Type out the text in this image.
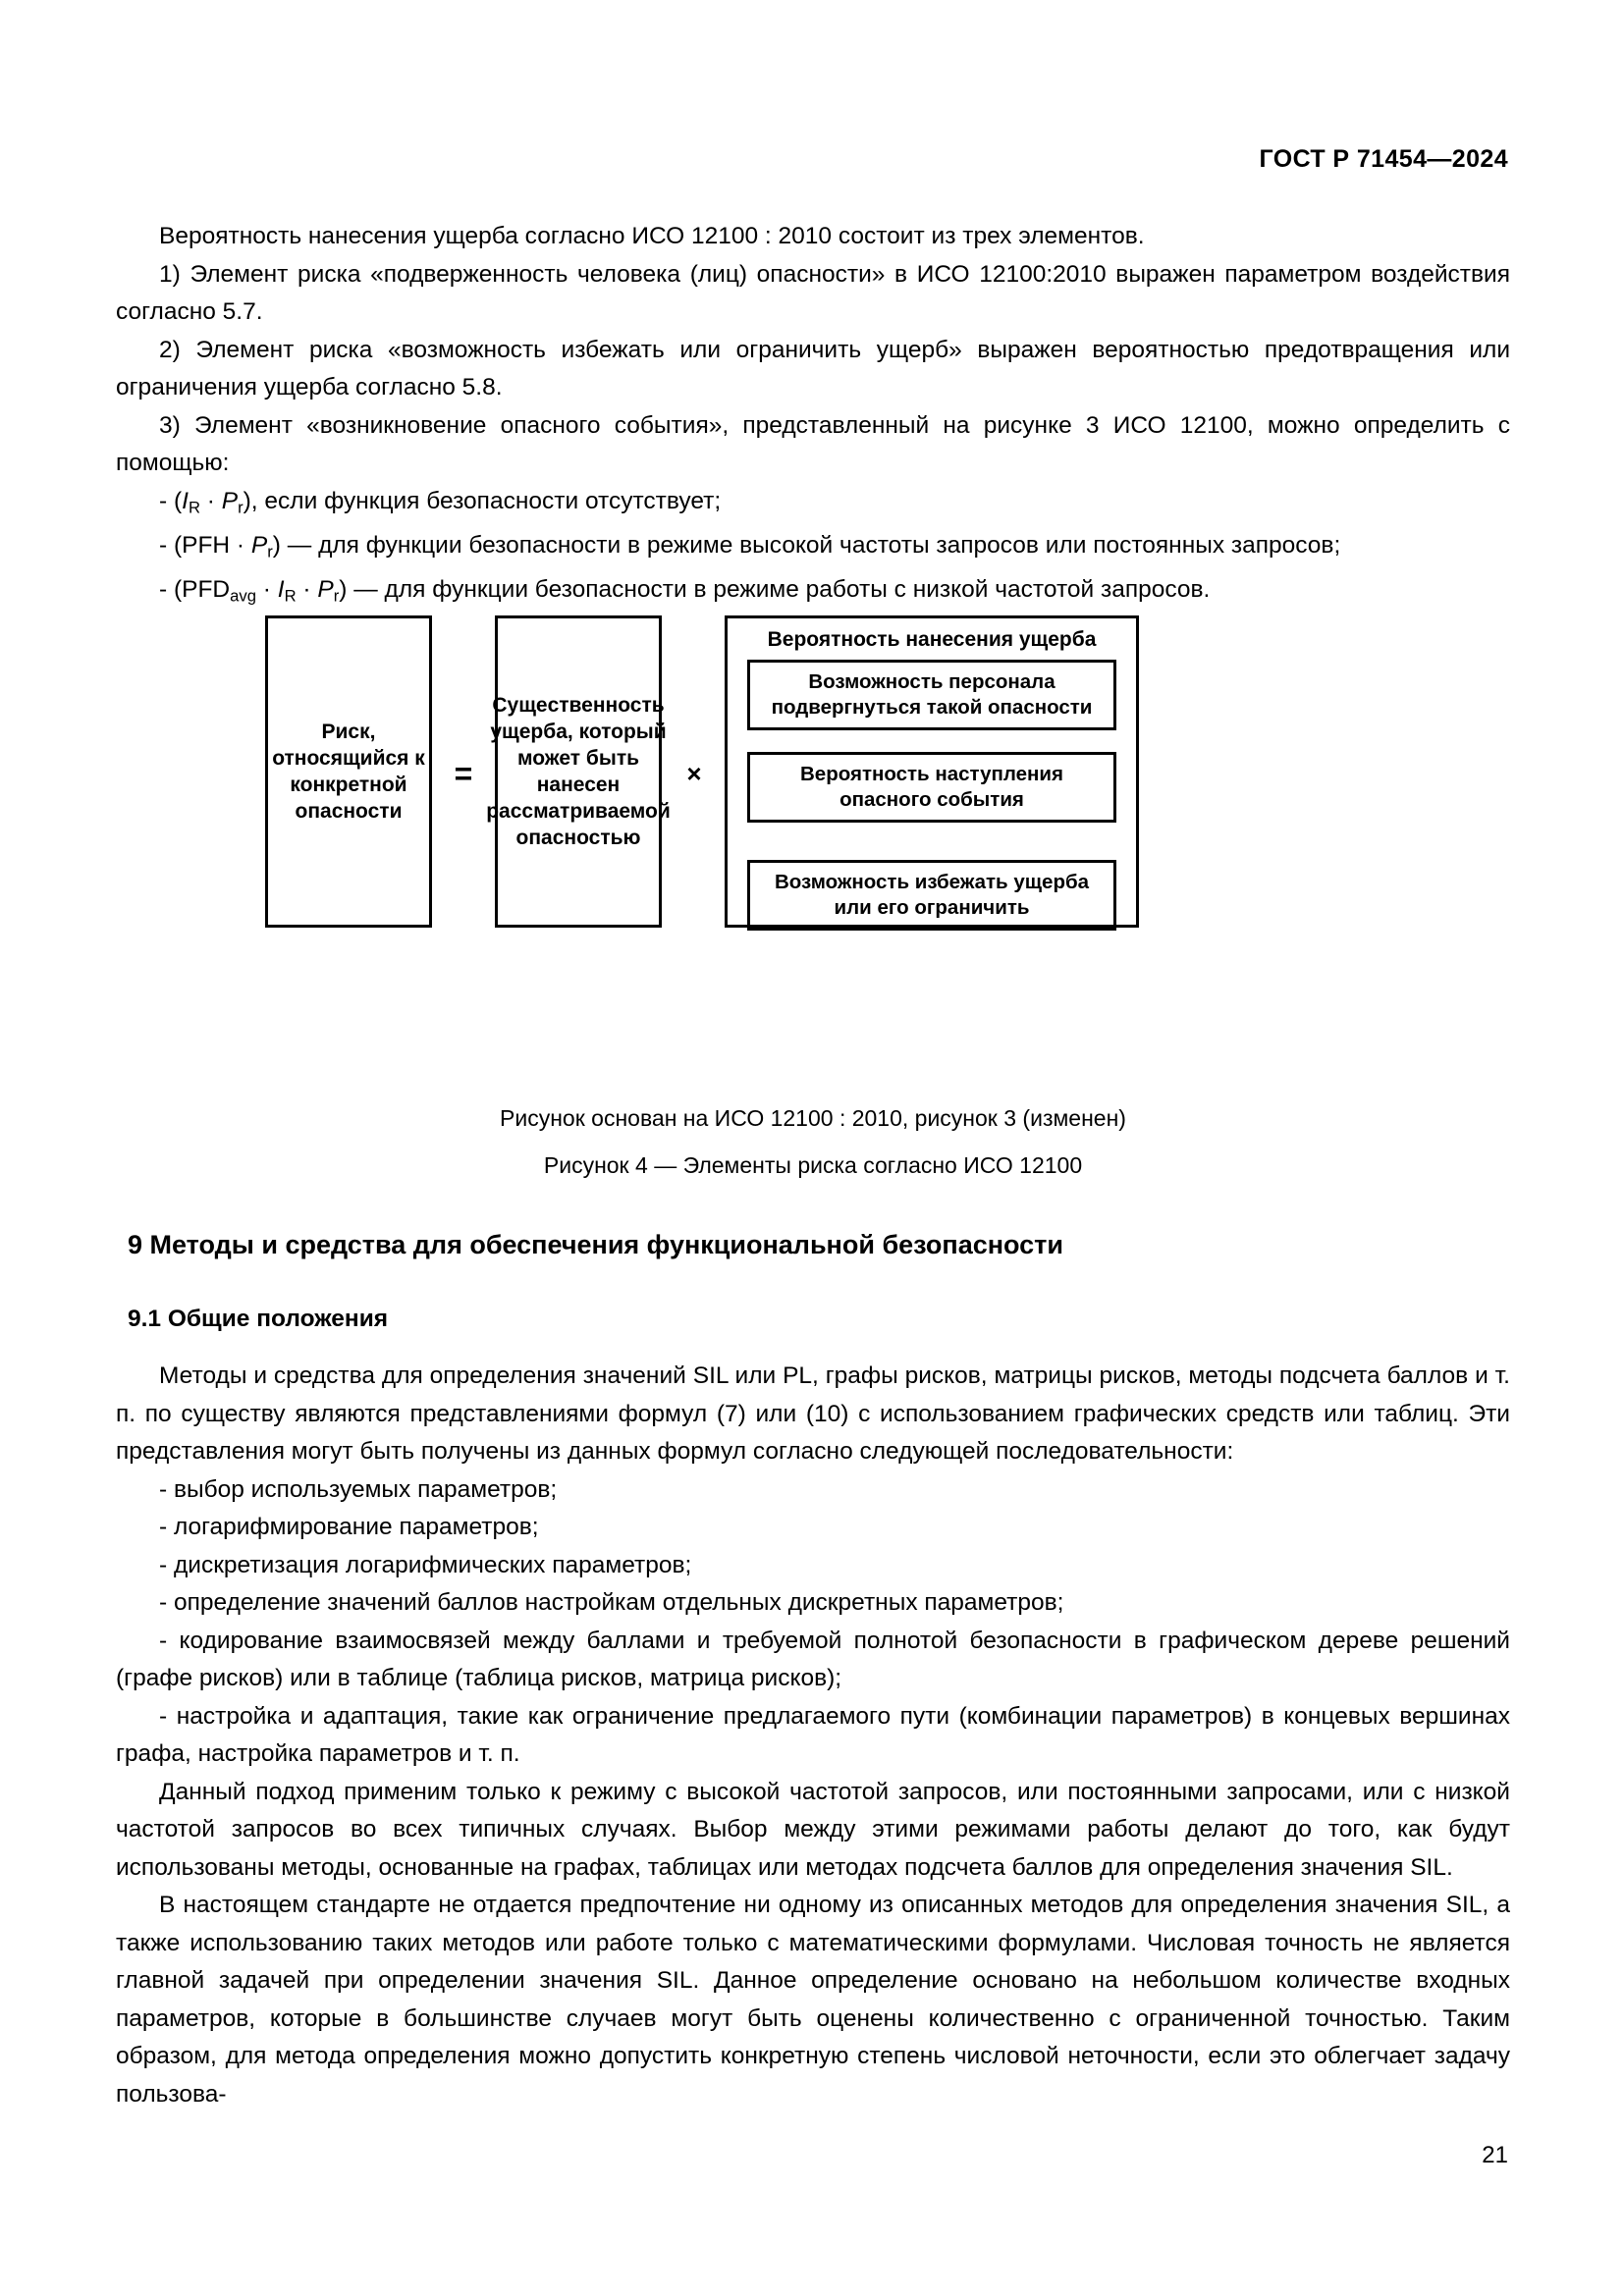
ГОСТ Р 71454—2024

Вероятность нанесения ущерба согласно ИСО 12100 : 2010 состоит из трех элементов.

1) Элемент риска «подверженность человека (лиц) опасности» в ИСО 12100:2010 выражен параметром воздействия согласно 5.7.

2) Элемент риска «возможность избежать или ограничить ущерб» выражен вероятностью предотвращения или ограничения ущерба согласно 5.8.

3) Элемент «возникновение опасного события», представленный на рисунке 3 ИСО 12100, можно определить с помощью:

- $(I_R \cdot P_r)$, если функция безопасности отсутствует;

- $(PFH \cdot P_r)$ — для функции безопасности в режиме высокой частоты запросов или постоянных запросов;

- $(PFD_{avg} \cdot I_R \cdot P_r)$ — для функции безопасности в режиме работы с низкой частотой запросов.

Риск, относящийся к конкретной опасности
=
Сущeственность ущерба, который может быть нанесен рассматриваемой опасностью
×
Вероятность нанесения ущерба
Возможность персонала подвергнуться такой опасности
Вероятность наступления опасного события
Возможность избежать ущерба или его ограничить
Рисунок основан на ИСО 12100 : 2010, рисунок 3 (изменен)
Рисунок 4 — Элементы риска согласно ИСО 12100
9 Методы и средства для обеспечения функциональной безопасности
9.1 Общие положения

Методы и средства для определения значений SIL или PL, графы рисков, матрицы рисков, методы подсчета баллов и т. п. по существу являются представлениями формул (7) или (10) с использованием графических средств или таблиц. Эти представления могут быть получены из данных формул согласно следующей последовательности:

- выбор используемых параметров;

- логарифмирование параметров;

- дискретизация логарифмических параметров;

- определение значений баллов настройкам отдельных дискретных параметров;

- кодирование взаимосвязей между баллами и требуемой полнотой безопасности в графическом дереве решений (графе рисков) или в таблице (таблица рисков, матрица рисков);

- настройка и адаптация, такие как ограничение предлагаемого пути (комбинации параметров) в концевых вершинах графа, настройка параметров и т. п.

Данный подход применим только к режиму с высокой частотой запросов, или постоянными запросами, или с низкой частотой запросов во всех типичных случаях. Выбор между этими режимами работы делают до того, как будут использованы методы, основанные на графах, таблицах или методах подсчета баллов для определения значения SIL.

В настоящем стандарте не отдается предпочтение ни одному из описанных методов для определения значения SIL, а также использованию таких методов или работе только с математическими формулами. Числовая точность не является главной задачей при определении значения SIL. Данное определение основано на небольшом количестве входных параметров, которые в большинстве случаев могут быть оценены количественно с ограниченной точностью. Таким образом, для метода определения можно допустить конкретную степень числовой неточности, если это облегчает задачу пользова-

21
